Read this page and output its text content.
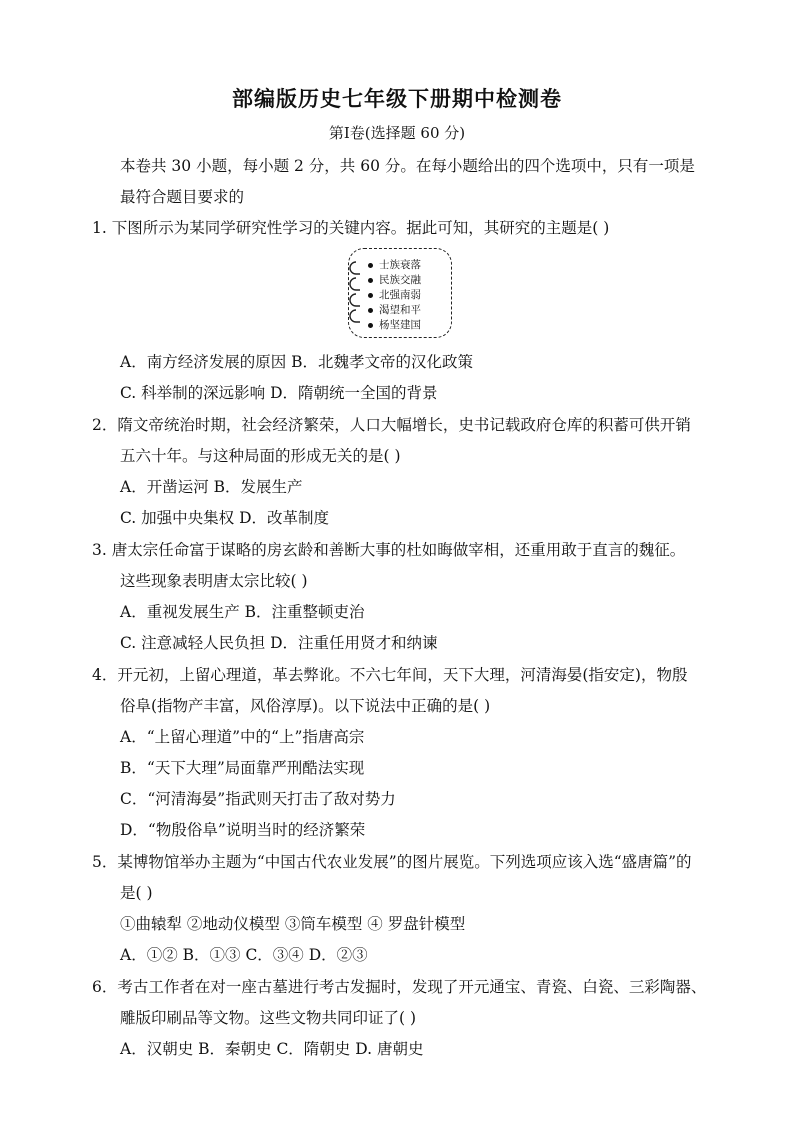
部编版历史七年级下册期中检测卷
第Ⅰ卷(选择题 60 分)
本卷共 30 小题，每小题 2 分，共 60 分。在每小题给出的四个选项中，只有一项是
最符合题目要求的
1. 下图所示为某同学研究性学习的关键内容。据此可知，其研究的主题是( )
士族衰落
民族交融
北强南弱
渴望和平
杨坚建国
A．南方经济发展的原因 B．北魏孝文帝的汉化政策
C. 科举制的深远影响 D．隋朝统一全国的背景
2．隋文帝统治时期，社会经济繁荣，人口大幅增长，史书记载政府仓库的积蓄可供开销
五六十年。与这种局面的形成无关的是( )
A．开凿运河 B．发展生产
C. 加强中央集权 D．改革制度
3. 唐太宗任命富于谋略的房玄龄和善断大事的杜如晦做宰相，还重用敢于直言的魏征。
这些现象表明唐太宗比较( )
A．重视发展生产 B．注重整顿吏治
C. 注意减轻人民负担 D．注重任用贤才和纳谏
4．开元初，上留心理道，革去弊讹。不六七年间，天下大理，河清海晏(指安定)，物殷
俗阜(指物产丰富，风俗淳厚)。以下说法中正确的是( )
A．“上留心理道”中的“上”指唐高宗
B．“天下大理”局面靠严刑酷法实现
C．“河清海晏”指武则天打击了敌对势力
D．“物殷俗阜”说明当时的经济繁荣
5．某博物馆举办主题为“中国古代农业发展”的图片展览。下列选项应该入选“盛唐篇”的
是( )
①曲辕犁 ②地动仪模型 ③筒车模型 ④ 罗盘针模型
A．①② B．①③ C．③④ D．②③
6．考古工作者在对一座古墓进行考古发掘时，发现了开元通宝、青瓷、白瓷、三彩陶器、
雕版印刷品等文物。这些文物共同印证了( )
A．汉朝史 B．秦朝史 C．隋朝史 D. 唐朝史
